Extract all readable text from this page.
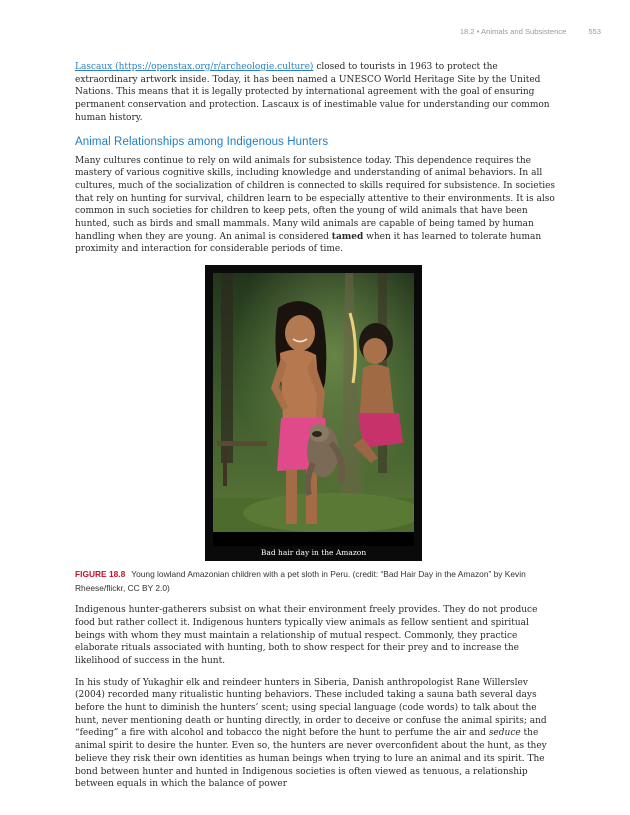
18.2 • Animals and Subsistence	553

Lascaux (https://openstax.org/r/archeologie.culture) closed to tourists in 1963 to protect the extraordinary artwork inside. Today, it has been named a UNESCO World Heritage Site by the United Nations. This means that it is legally protected by international agreement with the goal of ensuring permanent conservation and protection. Lascaux is of inestimable value for understanding our common human history.

Animal Relationships among Indigenous Hunters

Many cultures continue to rely on wild animals for subsistence today. This dependence requires the mastery of various cognitive skills, including knowledge and understanding of animal behaviors. In all cultures, much of the socialization of children is connected to skills required for subsistence. In societies that rely on hunting for survival, children learn to be especially attentive to their environments. It is also common in such societies for children to keep pets, often the young of wild animals that have been hunted, such as birds and small mammals. Many wild animals are capable of being tamed by human handling when they are young. An animal is considered tamed when it has learned to tolerate human proximity and interaction for considerable periods of time.

Bad hair day in the Amazon
FIGURE 18.8 Young lowland Amazonian children with a pet sloth in Peru. (credit: “Bad Hair Day in the Amazon” by Kevin Rheese/flickr, CC BY 2.0)

Indigenous hunter-gatherers subsist on what their environment freely provides. They do not produce food but rather collect it. Indigenous hunters typically view animals as fellow sentient and spiritual beings with whom they must maintain a relationship of mutual respect. Commonly, they practice elaborate rituals associated with hunting, both to show respect for their prey and to increase the likelihood of success in the hunt.

In his study of Yukaghir elk and reindeer hunters in Siberia, Danish anthropologist Rane Willerslev (2004) recorded many ritualistic hunting behaviors. These included taking a sauna bath several days before the hunt to diminish the hunters’ scent; using special language (code words) to talk about the hunt, never mentioning death or hunting directly, in order to deceive or confuse the animal spirits; and “feeding” a fire with alcohol and tobacco the night before the hunt to perfume the air and seduce the animal spirit to desire the hunter. Even so, the hunters are never overconfident about the hunt, as they believe they risk their own identities as human beings when trying to lure an animal and its spirit. The bond between hunter and hunted in Indigenous societies is often viewed as tenuous, a relationship between equals in which the balance of power
